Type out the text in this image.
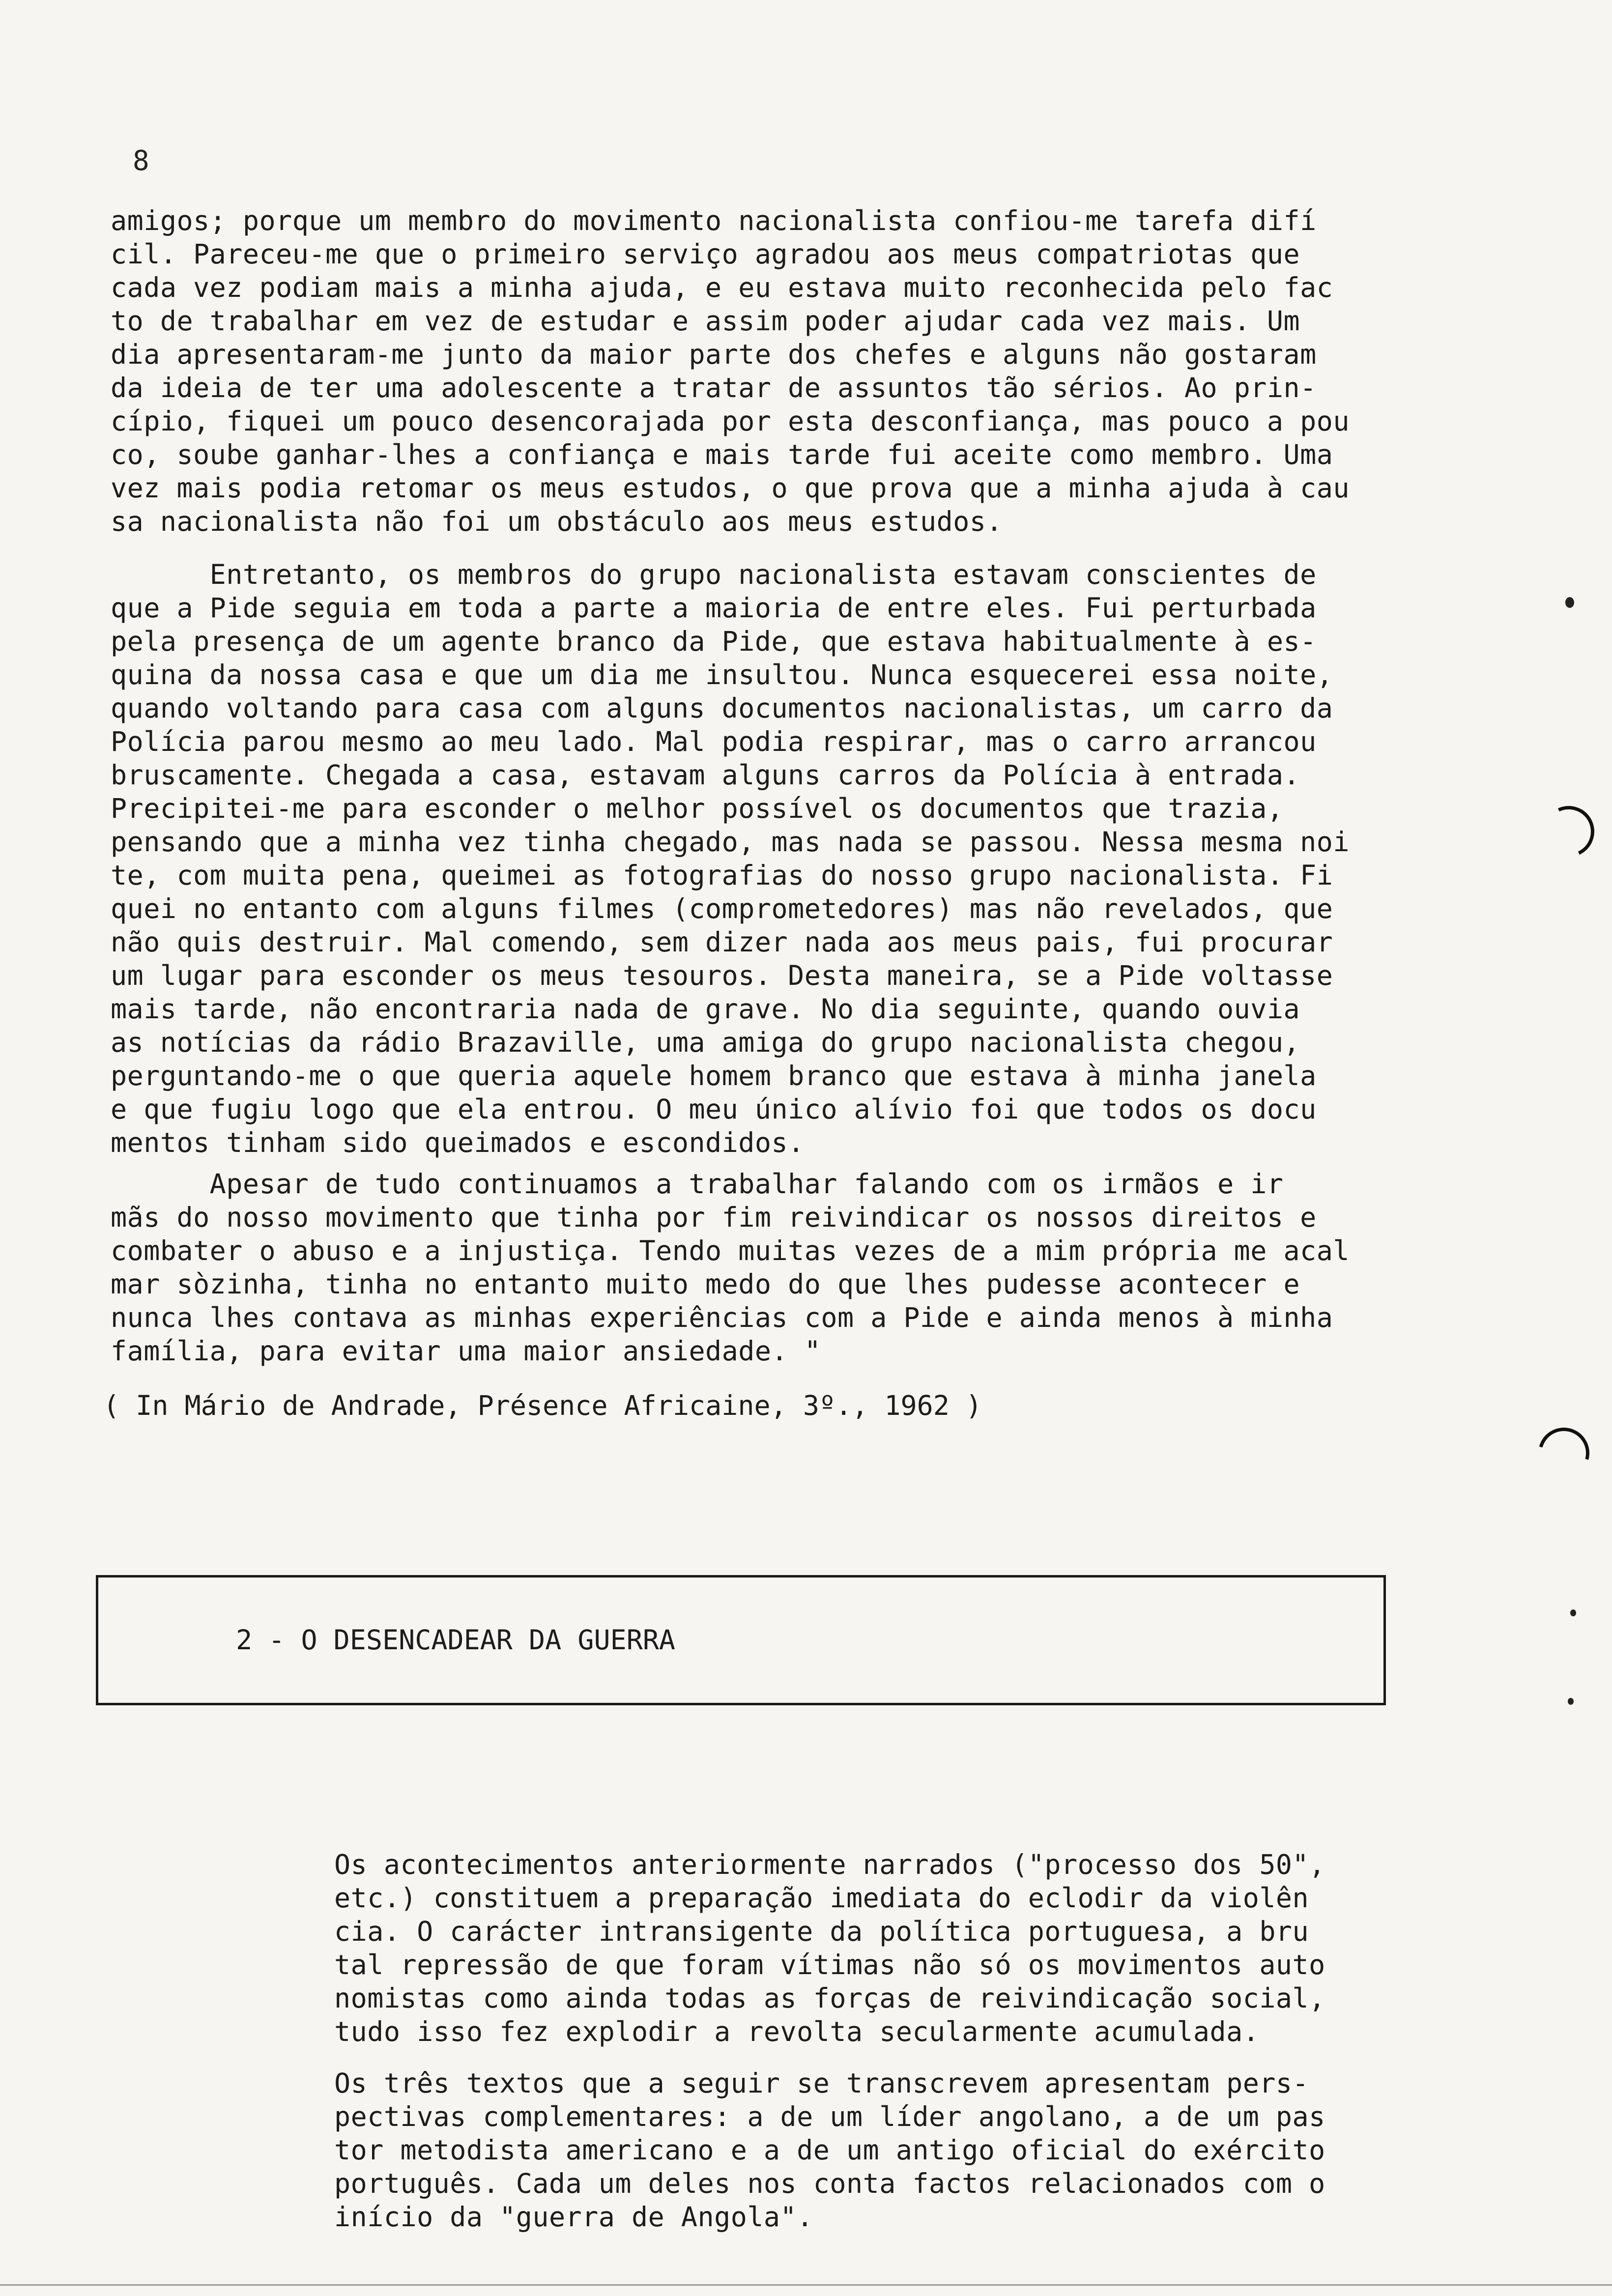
8

amigos; porque um membro do movimento nacionalista confiou-me tarefa difí
cil. Pareceu-me que o primeiro serviço agradou aos meus compatriotas que
cada vez podiam mais a minha ajuda, e eu estava muito reconhecida pelo fac
to de trabalhar em vez de estudar e assim poder ajudar cada vez mais. Um
dia apresentaram-me junto da maior parte dos chefes e alguns não gostaram
da ideia de ter uma adolescente a tratar de assuntos tão sérios. Ao prin-
cípio, fiquei um pouco desencorajada por esta desconfiança, mas pouco a pou
co, soube ganhar-lhes a confiança e mais tarde fui aceite como membro. Uma
vez mais podia retomar os meus estudos, o que prova que a minha ajuda à cau
sa nacionalista não foi um obstáculo aos meus estudos.

Entretanto, os membros do grupo nacionalista estavam conscientes de
que a Pide seguia em toda a parte a maioria de entre eles. Fui perturbada
pela presença de um agente branco da Pide, que estava habitualmente à es-
quina da nossa casa e que um dia me insultou. Nunca esquecerei essa noite,
quando voltando para casa com alguns documentos nacionalistas, um carro da
Polícia parou mesmo ao meu lado. Mal podia respirar, mas o carro arrancou
bruscamente. Chegada a casa, estavam alguns carros da Polícia à entrada.
Precipitei-me para esconder o melhor possível os documentos que trazia,
pensando que a minha vez tinha chegado, mas nada se passou. Nessa mesma noi
te, com muita pena, queimei as fotografias do nosso grupo nacionalista. Fi
quei no entanto com alguns filmes (comprometedores) mas não revelados, que
não quis destruir. Mal comendo, sem dizer nada aos meus pais, fui procurar
um lugar para esconder os meus tesouros. Desta maneira, se a Pide voltasse
mais tarde, não encontraria nada de grave. No dia seguinte, quando ouvia
as notícias da rádio Brazaville, uma amiga do grupo nacionalista chegou,
perguntando-me o que queria aquele homem branco que estava à minha janela
e que fugiu logo que ela entrou. O meu único alívio foi que todos os docu
mentos tinham sido queimados e escondidos.

Apesar de tudo continuamos a trabalhar falando com os irmãos e ir
mãs do nosso movimento que tinha por fim reivindicar os nossos direitos e
combater o abuso e a injustiça. Tendo muitas vezes de a mim própria me acal
mar sòzinha, tinha no entanto muito medo do que lhes pudesse acontecer e
nunca lhes contava as minhas experiências com a Pide e ainda menos à minha
família, para evitar uma maior ansiedade. "

( In Mário de Andrade, Présence Africaine, 3º., 1962 )
2 - O DESENCADEAR DA GUERRA

Os acontecimentos anteriormente narrados ("processo dos 50",
etc.) constituem a preparação imediata do eclodir da violên
cia. O carácter intransigente da política portuguesa, a bru
tal repressão de que foram vítimas não só os movimentos auto
nomistas como ainda todas as forças de reivindicação social,
tudo isso fez explodir a revolta secularmente acumulada.

Os três textos que a seguir se transcrevem apresentam pers-
pectivas complementares: a de um líder angolano, a de um pas
tor metodista americano e a de um antigo oficial do exército
português. Cada um deles nos conta factos relacionados com o
início da "guerra de Angola".
